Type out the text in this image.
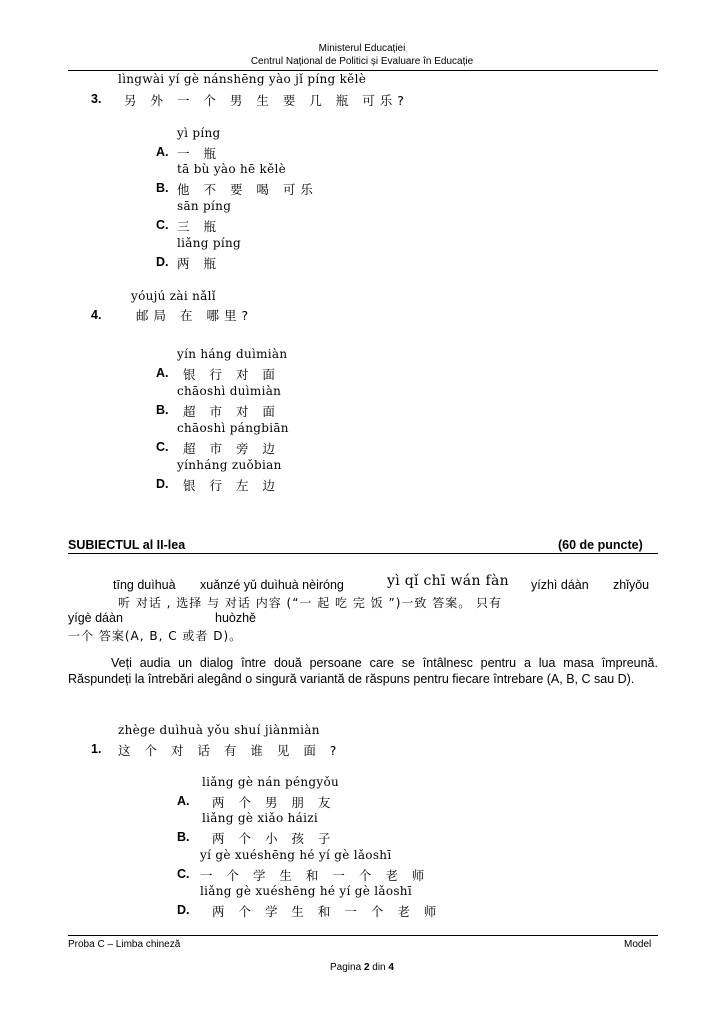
Ministerul Educației
Centrul Național de Politici și Evaluare în Educație
lìngwài yí gè nánshēng yào jǐ píng kělè
3. 另 外 一 个 男 生 要 几 瓶 可乐?
yì píng
A. 一 瓶
tā bù yào hē kělè
B. 他 不 要 喝 可乐
sān píng
C. 三 瓶
liǎng píng
D. 两 瓶
yóujú zài nǎlǐ
4.	邮局 在 哪里?
yín háng duìmiàn
A. 银 行 对 面
chāoshì duìmiàn
B. 超 市 对 面
chāoshì pángbiān
C. 超 市 旁 边
yínháng zuǒbian
D. 银 行 左 边
SUBIECTUL al II-lea	(60 de puncte)
tīng duìhuà xuǎnzé yǔ duìhuà nèiróng	yì qǐ chī wán fàn yízhì dáàn zhǐyǒu
听 对话 , 选择 与 对话 内容 (“一 起 吃 完 饭 ”)一致 答案。 只有
yígè dáàn	huòzhě
一个 答案(A, B, C 或者 D)。
Veți audia un dialog între două persoane care se întâlnesc pentru a lua masa împreună. Răspundeți la întrebări alegând o singură variantă de răspuns pentru fiecare întrebare (A, B, C sau D).
zhège duìhuà yǒu shuí jiànmiàn
1. 这 个 对 话 有 谁 见 面 ?
liǎng gè nán péngyǒu
A. 两 个 男 朋 友
liǎng gè xiǎo háizi
B. 两 个 小 孩 子
yí gè xuéshēng hé yí gè lǎoshī
C. 一 个 学 生 和 一 个 老 师
liǎng gè xuéshēng hé yí gè lǎoshī
D. 两 个 学 生 和 一 个 老 师
Proba C – Limba chineză	Model
Pagina 2 din 4
